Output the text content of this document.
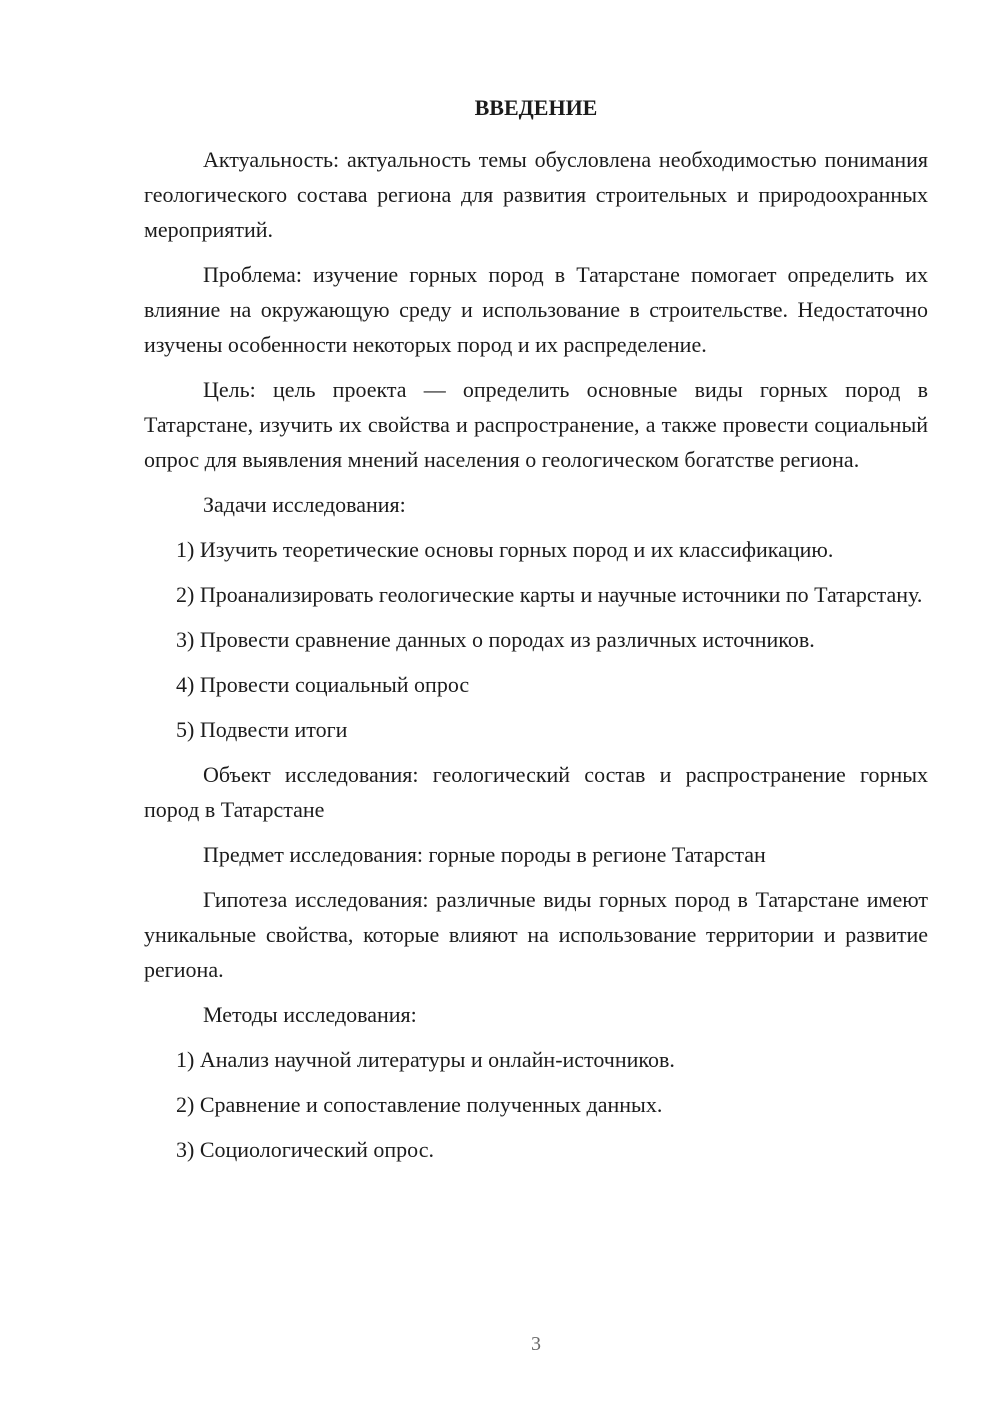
ВВЕДЕНИЕ

Актуальность: актуальность темы обусловлена необходимостью понимания геологического состава региона для развития строительных и природоохранных мероприятий.

Проблема: изучение горных пород в Татарстане помогает определить их влияние на окружающую среду и использование в строительстве. Недостаточно изучены особенности некоторых пород и их распределение.

Цель: цель проекта — определить основные виды горных пород в Татарстане, изучить их свойства и распространение, а также провести социальный опрос для выявления мнений населения о геологическом богатстве региона.

Задачи исследования:

1) Изучить теоретические основы горных пород и их классификацию.

2) Проанализировать геологические карты и научные источники по Татарстану.

3) Провести сравнение данных о породах из различных источников.

4) Провести социальный опрос

5) Подвести итоги

Объект исследования: геологический состав и распространение горных пород в Татарстане

Предмет исследования: горные породы в регионе Татарстан

Гипотеза исследования: различные виды горных пород в Татарстане имеют уникальные свойства, которые влияют на использование территории и развитие региона.

Методы исследования:

1) Анализ научной литературы и онлайн-источников.

2) Сравнение и сопоставление полученных данных.

3) Социологический опрос.

3
